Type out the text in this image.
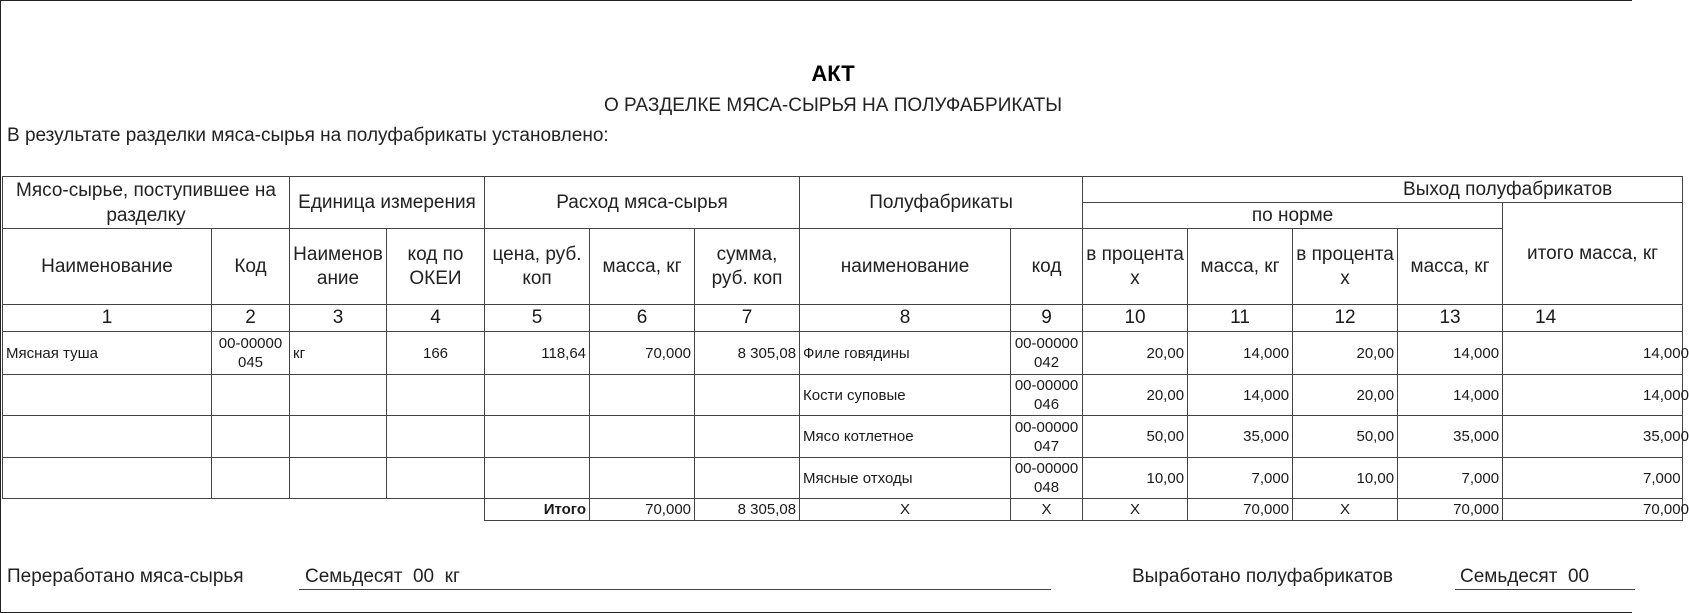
АКТ
О РАЗДЕЛКЕ МЯСА-СЫРЬЯ НА ПОЛУФАБРИКАТЫ
В результате разделки мяса-сырья на полуфабрикаты установлено:
Мясо-сырье, поступившее на разделку		Единица измерения		Расход мяса-сырья			Полуфабрикаты		Выход полуфабрикатов				
									по норме				итого масса, кг
Наименование	Код	Наименование	код по ОКЕИ	цена, руб. коп	масса, кг	сумма, руб. коп	наименование	код	в процентах	масса, кг	в процентах	масса, кг	
1	2	3	4	5	6	7	8	9	10	11	12	13	14
Мясная туша	00-00000045	кг	166	118,64	70,000	8 305,08	Филе говядины	00-00000042	20,00	14,000	20,00	14,000	14,000
							Кости суповые	00-00000046	20,00	14,000	20,00	14,000	14,000
							Мясо котлетное	00-00000047	50,00	35,000	50,00	35,000	35,000
							Мясные отходы	00-00000048	10,00	7,000	10,00	7,000	7,000
				Итого	70,000	8 305,08	X	X	X	70,000	X	70,000	70,000
Переработано мяса-сырья	Семьдесят  00  кг	Выработано полуфабрикатов	Семьдесят  00
